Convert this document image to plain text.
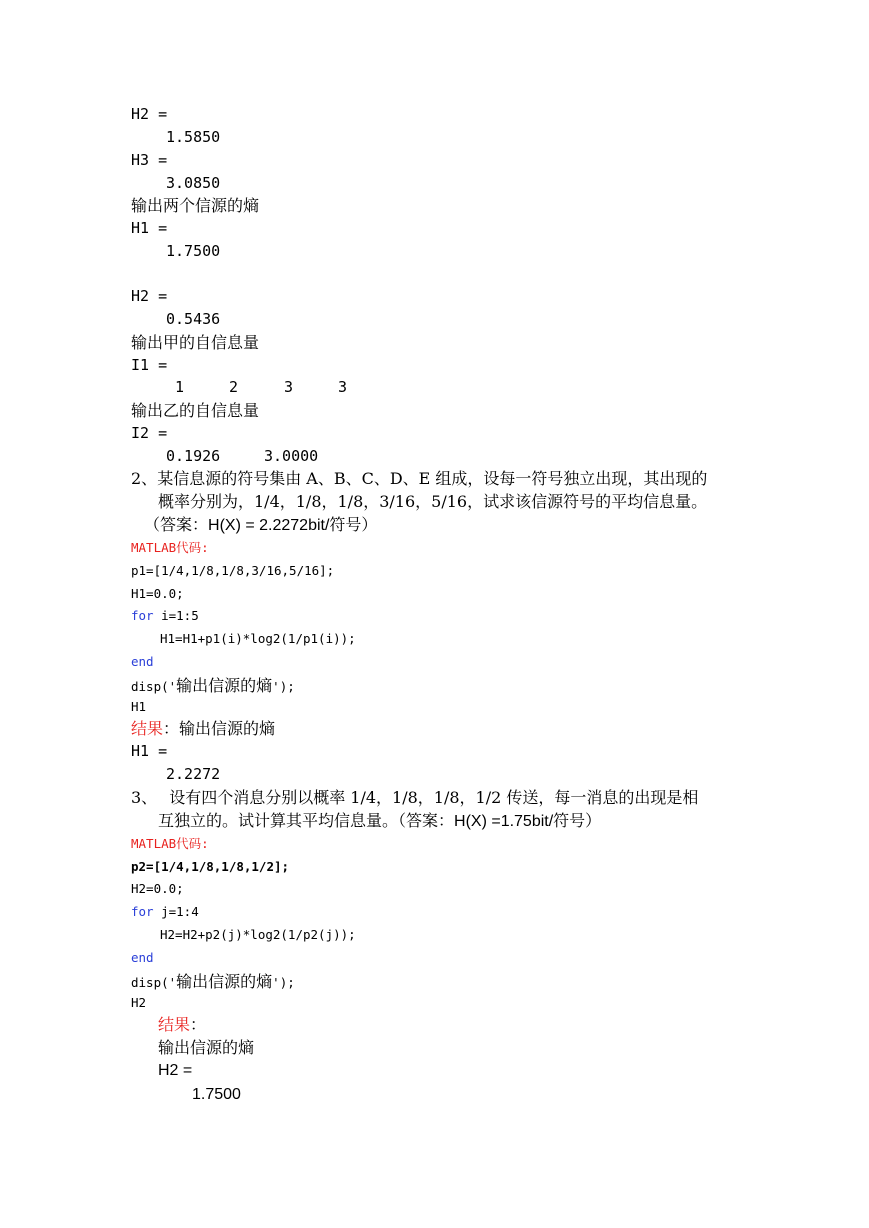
H2 =
1.5850
H3 =
3.0850
输出两个信源的熵
H1 =
1.7500
H2 =
0.5436
输出甲的自信息量
I1 =
1	2	3	3
输出乙的自信息量
I2 =
0.1926	3.0000
2、某信息源的符号集由 A、B、C、D、E 组成，设每一符号独立出现，其出现的
概率分别为，1/4，1/8，1/8，3/16，5/16，试求该信源符号的平均信息量。
（答案：H(X) = 2.2272bit/符号）
MATLAB代码:
p1=[1/4,1/8,1/8,3/16,5/16];
H1=0.0;
for i=1:5
H1=H1+p1(i)*log2(1/p1(i));
end
disp('输出信源的熵');
H1
结果：输出信源的熵
H1 =
2.2272
3、 设有四个消息分别以概率 1/4，1/8，1/8，1/2 传送，每一消息的出现是相
互独立的。试计算其平均信息量。（答案：H(X) =1.75bit/符号）
MATLAB代码:
p2=[1/4,1/8,1/8,1/2];
H2=0.0;
for j=1:4
H2=H2+p2(j)*log2(1/p2(j));
end
disp('输出信源的熵');
H2
结果：
输出信源的熵
H2 =
1.7500
